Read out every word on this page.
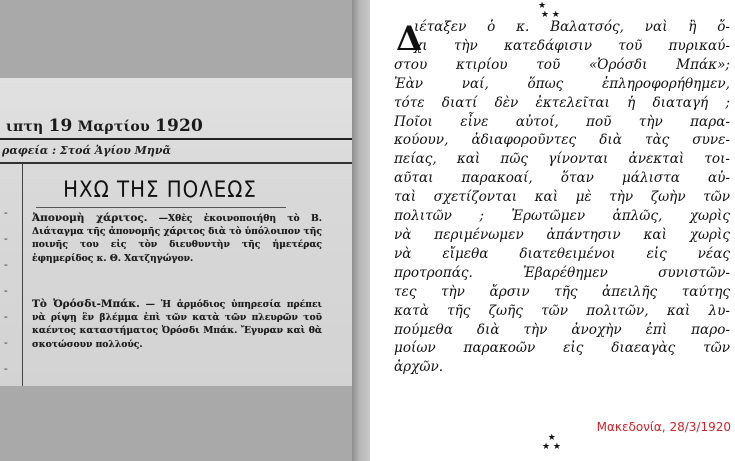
ιπτη 19 Μαρτίου 1920
ραφεία : Στοά Ἁγίου Μηνᾶ
-
-
-
-
-
-
-
ΗΧΩ ΤΗΣ ΠΟΛΕΩΣ
Ἀπονομὴ χάριτος. —Χθὲς ἐκοινοποιήθη τὸ Β. Διάταγμα τῆς ἀπονομῆς χάριτος διὰ τὸ ὑπόλοιπον τῆς ποινῆς του εἰς τὸν διευθυντὴν τῆς ἡμετέρας ἐφημερίδος κ. Θ. Χατζηγώγον.
Τὸ Ὀρόσδι-Μπάκ. — Ἡ ἁρμόδιος ὑπηρεσία πρέπει νὰ ρίψῃ ἓν βλέμμα ἐπὶ τῶν κατὰ τῶν πλευρῶν τοῦ καέντος καταστήματος Ὀρόσδι Μπάκ. Ἔγυραν καὶ θὰ σκοτώσουν πολλούς.
★
★ ★
Δ
ιέταξεν ὁ κ. Βαλατσός, ναὶ ἢ ὄ-
χι τὴν κατεδάφισιν τοῦ πυρικαύ-
στου κτιρίου τοῦ «Ὀρόσδι Μπάκ»;
Ἐὰν ναί, ὅπως ἐπληροφορήθημεν,
τότε διατί δὲν ἐκτελεῖται ἡ διαταγή ;
Ποῖοι εἶνε αὐτοί, ποῦ τὴν παρα-
κούουν, ἀδιαφοροῦντες διὰ τὰς συνε-
πείας, καὶ πῶς γίνονται ἀνεκταὶ τοι-
αῦται παρακοαί, ὅταν μάλιστα αὐ-
ταὶ σχετίζονται καὶ μὲ τὴν ζωὴν τῶν
πολιτῶν ; Ἐρωτῶμεν ἁπλῶς, χωρὶς
νὰ περιμένωμεν ἀπάντησιν καὶ χωρὶς
νὰ εἴμεθα διατεθειμένοι εἰς νέας
προτροπάς. Ἐβαρέθημεν συνιστῶν-
τες τὴν ἄρσιν τῆς ἀπειλῆς ταύτης
κατὰ τῆς ζωῆς τῶν πολιτῶν, καὶ λυ-
πούμεθα διὰ τὴν ἀνοχὴν ἐπὶ παρο-
μοίων παρακοῶν εἰς διαεαγὰς τῶν
ἀρχῶν.
★
★ ★
Μακεδονία, 28/3/1920
